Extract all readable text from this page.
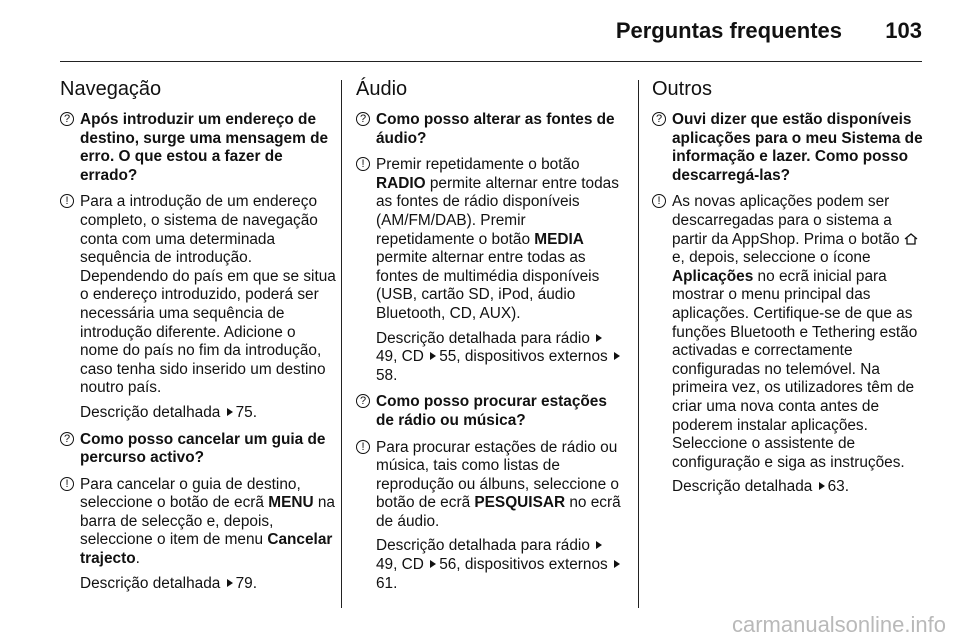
Perguntas frequentes 103
Navegação
? Após introduzir um endereço de destino, surge uma mensagem de erro. O que estou a fazer de errado?
! Para a introdução de um endereço completo, o sistema de navegação conta com uma determinada sequência de introdução. Dependendo do país em que se situa o endereço introduzido, poderá ser necessária uma sequência de introdução diferente. Adicione o nome do país no fim da introdução, caso tenha sido inserido um destino noutro país.
Descrição detalhada 75.
? Como posso cancelar um guia de percurso activo?
! Para cancelar o guia de destino, seleccione o botão de ecrã MENU na barra de selecção e, depois, seleccione o item de menu Cancelar trajecto.
Descrição detalhada 79.
Áudio
? Como posso alterar as fontes de áudio?
! Premir repetidamente o botão RADIO permite alternar entre todas as fontes de rádio disponíveis (AM/FM/DAB). Premir repetidamente o botão MEDIA permite alternar entre todas as fontes de multimédia disponíveis (USB, cartão SD, iPod, áudio Bluetooth, CD, AUX).
Descrição detalhada para rádio 49, CD 55, dispositivos externos 58.
? Como posso procurar estações de rádio ou música?
! Para procurar estações de rádio ou música, tais como listas de reprodução ou álbuns, seleccione o botão de ecrã PESQUISAR no ecrã de áudio.
Descrição detalhada para rádio 49, CD 56, dispositivos externos 61.
Outros
? Ouvi dizer que estão disponíveis aplicações para o meu Sistema de informação e lazer. Como posso descarregá-las?
! As novas aplicações podem ser descarregadas para o sistema a partir da AppShop. Prima o botão  e, depois, seleccione o ícone Aplicações no ecrã inicial para mostrar o menu principal das aplicações. Certifique-se de que as funções Bluetooth e Tethering estão activadas e correctamente configuradas no telemóvel. Na primeira vez, os utilizadores têm de criar uma nova conta antes de poderem instalar aplicações. Seleccione o assistente de configuração e siga as instruções.
Descrição detalhada 63.
carmanualsonline.info
